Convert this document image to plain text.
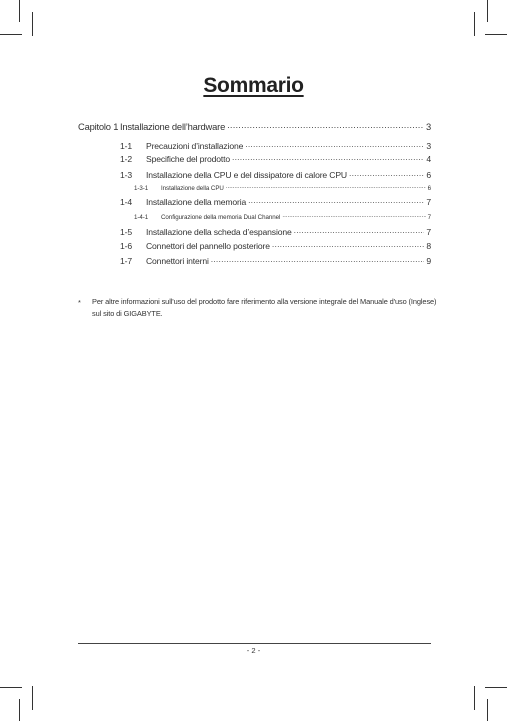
Sommario
Capitolo 1 Installazione dell’hardware .....	3
1-1	Precauzioni d’installazione .....	3
1-2	Specifiche del prodotto .....	4
1-3	Installazione della CPU e del dissipatore di calore CPU .....	6
1-3-1	Installazione della CPU .....	6
1-4	Installazione della memoria .....	7
1-4-1	Configurazione della memoria Dual Channel .....	7
1-5	Installazione della scheda d’espansione .....	7
1-6	Connettori del pannello posteriore .....	8
1-7	Connettori interni .....	9
* Per altre informazioni sull'uso del prodotto fare riferimento alla versione integrale del Manuale d'uso (Inglese) sul sito di GIGABYTE.
- 2 -
